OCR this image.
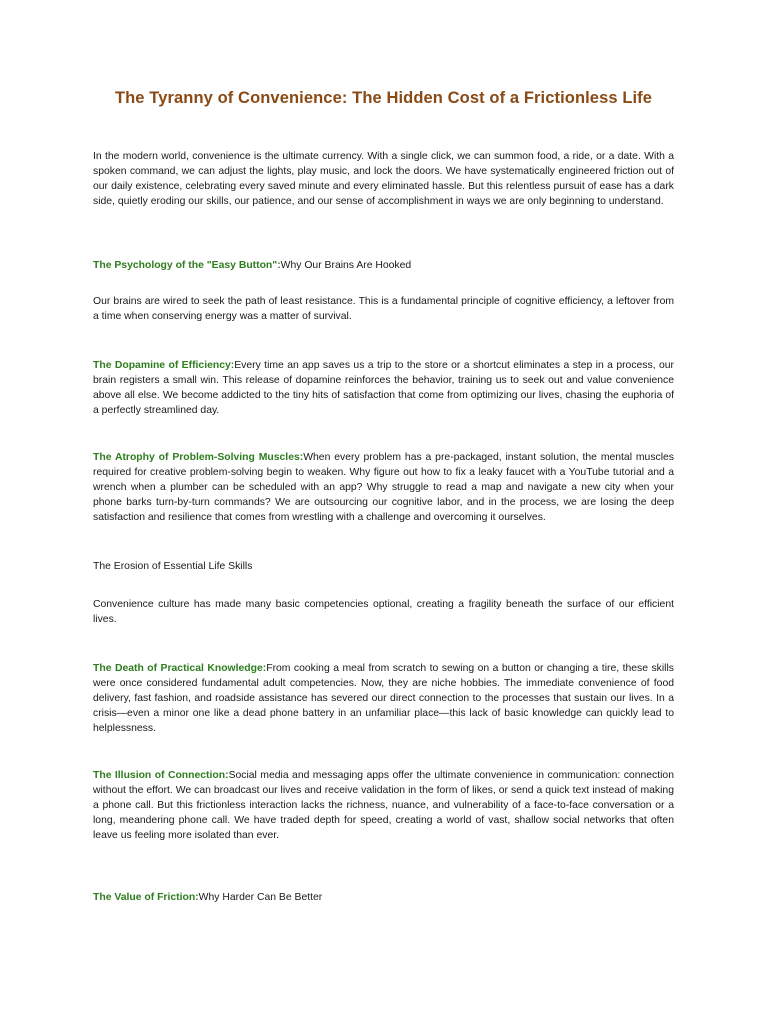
The Tyranny of Convenience: The Hidden Cost of a Frictionless Life

In the modern world, convenience is the ultimate currency. With a single click, we can summon food, a ride, or a date. With a spoken command, we can adjust the lights, play music, and lock the doors. We have systematically engineered friction out of our daily existence, celebrating every saved minute and every eliminated hassle. But this relentless pursuit of ease has a dark side, quietly eroding our skills, our patience, and our sense of accomplishment in ways we are only beginning to understand.

The Psychology of the "Easy Button":Why Our Brains Are Hooked

Our brains are wired to seek the path of least resistance. This is a fundamental principle of cognitive efficiency, a leftover from a time when conserving energy was a matter of survival.

The Dopamine of Efficiency:Every time an app saves us a trip to the store or a shortcut eliminates a step in a process, our brain registers a small win. This release of dopamine reinforces the behavior, training us to seek out and value convenience above all else. We become addicted to the tiny hits of satisfaction that come from optimizing our lives, chasing the euphoria of a perfectly streamlined day.

The Atrophy of Problem-Solving Muscles:When every problem has a pre-packaged, instant solution, the mental muscles required for creative problem-solving begin to weaken. Why figure out how to fix a leaky faucet with a YouTube tutorial and a wrench when a plumber can be scheduled with an app? Why struggle to read a map and navigate a new city when your phone barks turn-by-turn commands? We are outsourcing our cognitive labor, and in the process, we are losing the deep satisfaction and resilience that comes from wrestling with a challenge and overcoming it ourselves.

The Erosion of Essential Life Skills

Convenience culture has made many basic competencies optional, creating a fragility beneath the surface of our efficient lives.

The Death of Practical Knowledge:From cooking a meal from scratch to sewing on a button or changing a tire, these skills were once considered fundamental adult competencies. Now, they are niche hobbies. The immediate convenience of food delivery, fast fashion, and roadside assistance has severed our direct connection to the processes that sustain our lives. In a crisis—even a minor one like a dead phone battery in an unfamiliar place—this lack of basic knowledge can quickly lead to helplessness.

The Illusion of Connection:Social media and messaging apps offer the ultimate convenience in communication: connection without the effort. We can broadcast our lives and receive validation in the form of likes, or send a quick text instead of making a phone call. But this frictionless interaction lacks the richness, nuance, and vulnerability of a face-to-face conversation or a long, meandering phone call. We have traded depth for speed, creating a world of vast, shallow social networks that often leave us feeling more isolated than ever.

The Value of Friction:Why Harder Can Be Better
